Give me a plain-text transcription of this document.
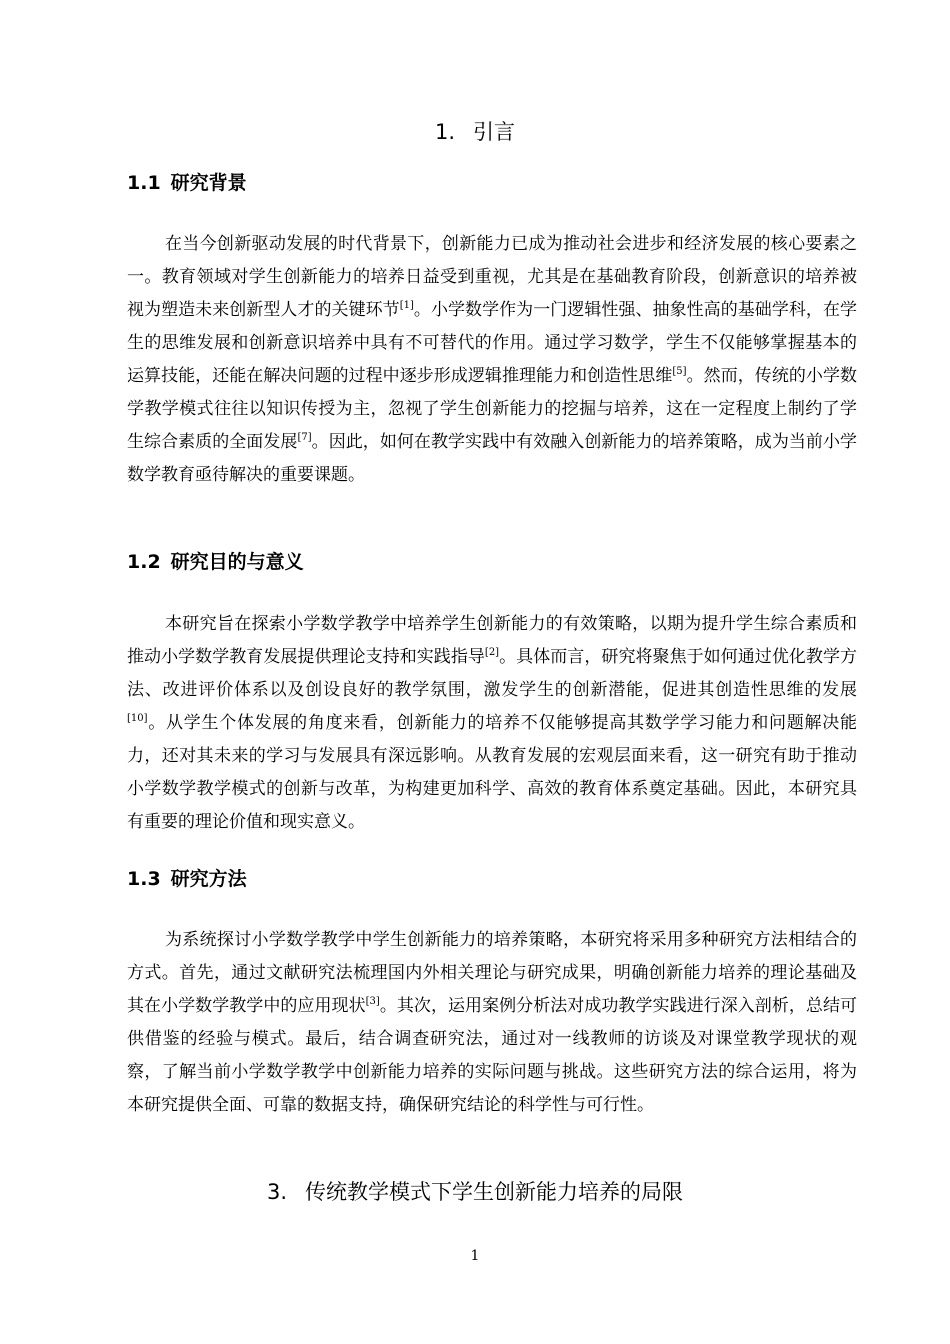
1. 引言
1.1 研究背景

在当今创新驱动发展的时代背景下，创新能力已成为推动社会进步和经济发展的核心要素之一。教育领域对学生创新能力的培养日益受到重视，尤其是在基础教育阶段，创新意识的培养被视为塑造未来创新型人才的关键环节[1]。小学数学作为一门逻辑性强、抽象性高的基础学科，在学生的思维发展和创新意识培养中具有不可替代的作用。通过学习数学，学生不仅能够掌握基本的运算技能，还能在解决问题的过程中逐步形成逻辑推理能力和创造性思维[5]。然而，传统的小学数学教学模式往往以知识传授为主，忽视了学生创新能力的挖掘与培养，这在一定程度上制约了学生综合素质的全面发展[7]。因此，如何在教学实践中有效融入创新能力的培养策略，成为当前小学数学教育亟待解决的重要课题。

1.2 研究目的与意义

本研究旨在探索小学数学教学中培养学生创新能力的有效策略，以期为提升学生综合素质和推动小学数学教育发展提供理论支持和实践指导[2]。具体而言，研究将聚焦于如何通过优化教学方法、改进评价体系以及创设良好的教学氛围，激发学生的创新潜能，促进其创造性思维的发展[10]。从学生个体发展的角度来看，创新能力的培养不仅能够提高其数学学习能力和问题解决能力，还对其未来的学习与发展具有深远影响。从教育发展的宏观层面来看，这一研究有助于推动小学数学教学模式的创新与改革，为构建更加科学、高效的教育体系奠定基础。因此，本研究具有重要的理论价值和现实意义。

1.3 研究方法

为系统探讨小学数学教学中学生创新能力的培养策略，本研究将采用多种研究方法相结合的方式。首先，通过文献研究法梳理国内外相关理论与研究成果，明确创新能力培养的理论基础及其在小学数学教学中的应用现状[3]。其次，运用案例分析法对成功教学实践进行深入剖析，总结可供借鉴的经验与模式。最后，结合调查研究法，通过对一线教师的访谈及对课堂教学现状的观察，了解当前小学数学教学中创新能力培养的实际问题与挑战。这些研究方法的综合运用，将为本研究提供全面、可靠的数据支持，确保研究结论的科学性与可行性。

3. 传统教学模式下学生创新能力培养的局限
1
